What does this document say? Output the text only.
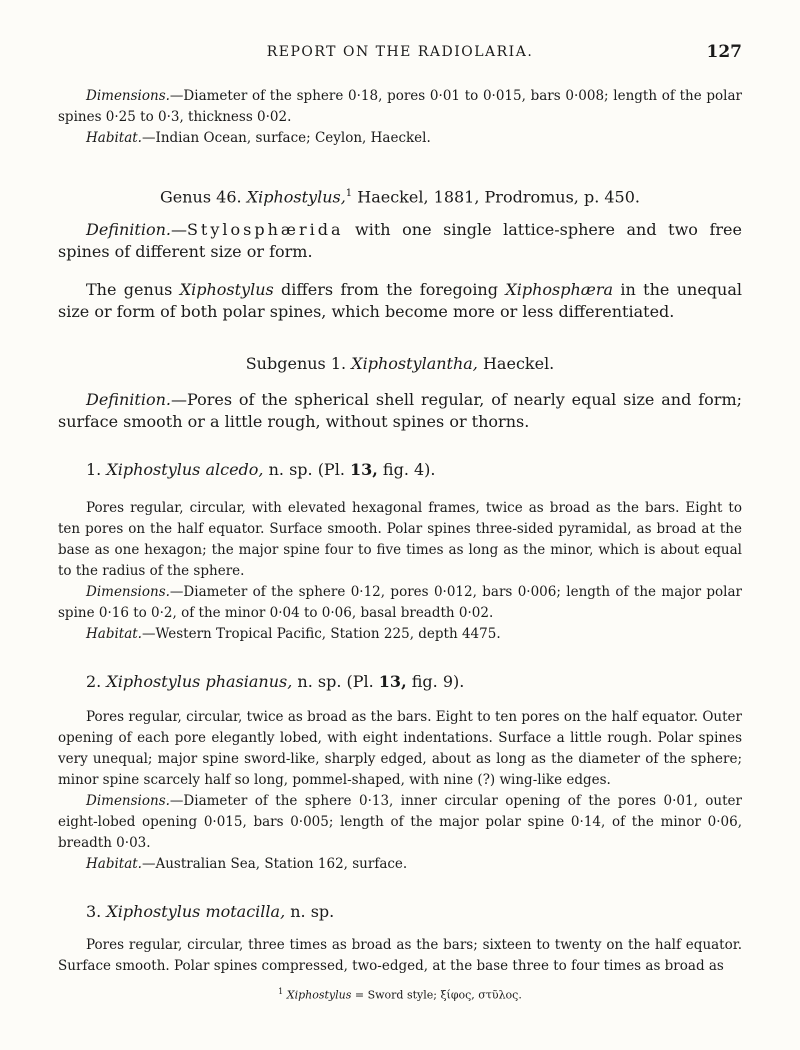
REPORT ON THE RADIOLARIA.	127

Dimensions.—Diameter of the sphere 0·18, pores 0·01 to 0·015, bars 0·008; length of the polar spines 0·25 to 0·3, thickness 0·02.

Habitat.—Indian Ocean, surface; Ceylon, Haeckel.

Genus 46. Xiphostylus,$^1$ Haeckel, 1881, Prodromus, p. 450.

Definition.—Stylosphærida with one single lattice-sphere and two free spines of different size or form.

The genus Xiphostylus differs from the foregoing Xiphosphæra in the unequal size or form of both polar spines, which become more or less differentiated.

Subgenus 1. Xiphostylantha, Haeckel.

Definition.—Pores of the spherical shell regular, of nearly equal size and form; surface smooth or a little rough, without spines or thorns.

1. Xiphostylus alcedo, n. sp. (Pl. 13, fig. 4).

Pores regular, circular, with elevated hexagonal frames, twice as broad as the bars. Eight to ten pores on the half equator. Surface smooth. Polar spines three-sided pyramidal, as broad at the base as one hexagon; the major spine four to five times as long as the minor, which is about equal to the radius of the sphere.

Dimensions.—Diameter of the sphere 0·12, pores 0·012, bars 0·006; length of the major polar spine 0·16 to 0·2, of the minor 0·04 to 0·06, basal breadth 0·02.

Habitat.—Western Tropical Pacific, Station 225, depth 4475.

2. Xiphostylus phasianus, n. sp. (Pl. 13, fig. 9).

Pores regular, circular, twice as broad as the bars. Eight to ten pores on the half equator. Outer opening of each pore elegantly lobed, with eight indentations. Surface a little rough. Polar spines very unequal; major spine sword-like, sharply edged, about as long as the diameter of the sphere; minor spine scarcely half so long, pommel-shaped, with nine (?) wing-like edges.

Dimensions.—Diameter of the sphere 0·13, inner circular opening of the pores 0·01, outer eight-lobed opening 0·015, bars 0·005; length of the major polar spine 0·14, of the minor 0·06, breadth 0·03.

Habitat.—Australian Sea, Station 162, surface.

3. Xiphostylus motacilla, n. sp.

Pores regular, circular, three times as broad as the bars; sixteen to twenty on the half equator. Surface smooth. Polar spines compressed, two-edged, at the base three to four times as broad as

$^1$ Xiphostylus = Sword style; ξίφος, στῦλος.
